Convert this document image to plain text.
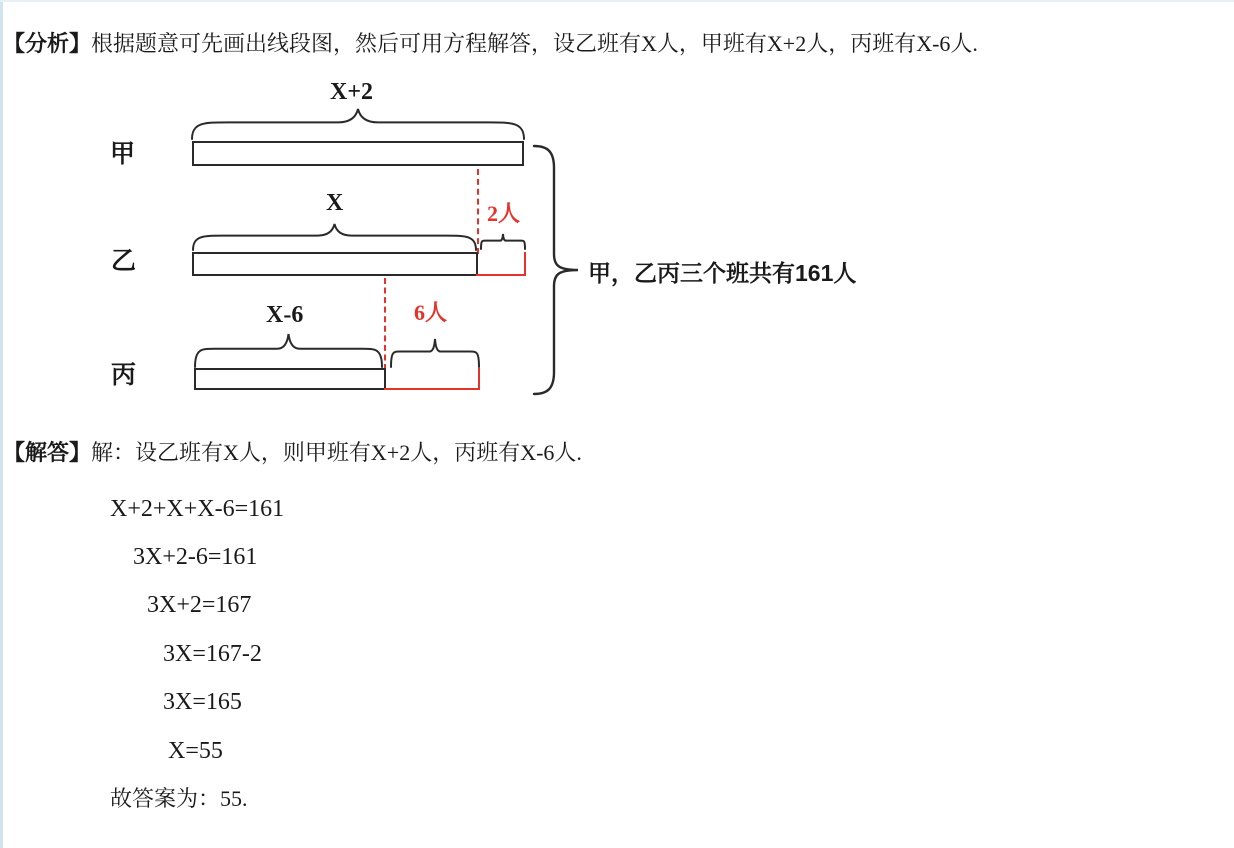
【分析】根据题意可先画出线段图，然后可用方程解答，设乙班有X人，甲班有X+2人，丙班有X-6人.
X+2
甲
X	2人
乙
X-6	6人
丙
甲，乙丙三个班共有161人
【解答】解：设乙班有X人，则甲班有X+2人，丙班有X-6人.
X+2+X+X-6=161
3X+2-6=161
3X+2=167
3X=167-2
3X=165
X=55
故答案为：55.
